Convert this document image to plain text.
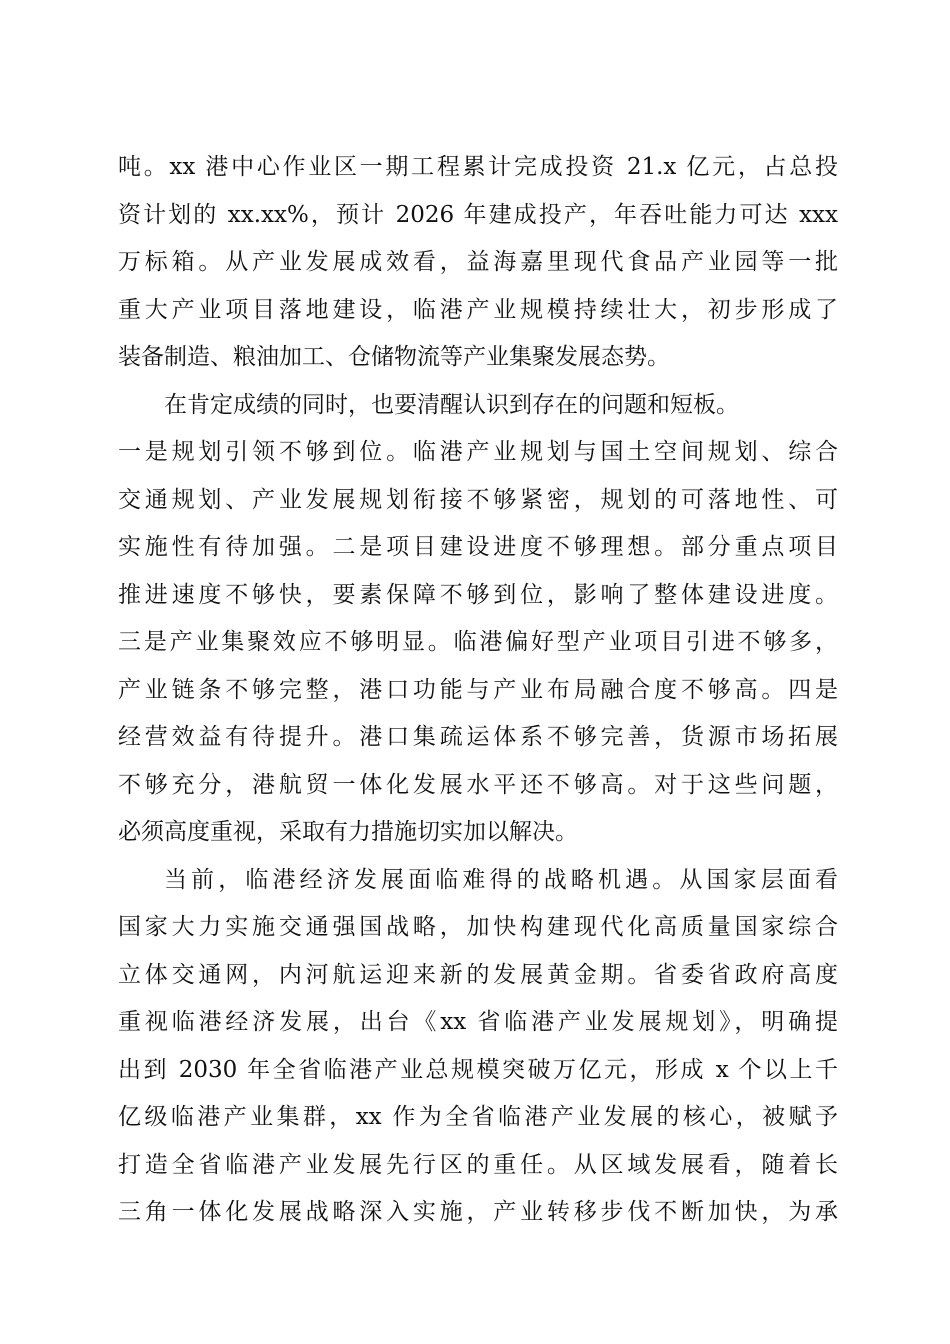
吨。xx 港中心作业区一期工程累计完成投资 21.x 亿元，占总投
资计划的 xx.xx%，预计 2026 年建成投产，年吞吐能力可达 xxx
万标箱。从产业发展成效看，益海嘉里现代食品产业园等一批
重大产业项目落地建设，临港产业规模持续壮大，初步形成了
装备制造、粮油加工、仓储物流等产业集聚发展态势。
在肯定成绩的同时，也要清醒认识到存在的问题和短板。
一是规划引领不够到位。临港产业规划与国土空间规划、综合
交通规划、产业发展规划衔接不够紧密，规划的可落地性、可
实施性有待加强。二是项目建设进度不够理想。部分重点项目
推进速度不够快，要素保障不够到位，影响了整体建设进度。
三是产业集聚效应不够明显。临港偏好型产业项目引进不够多，
产业链条不够完整，港口功能与产业布局融合度不够高。四是
经营效益有待提升。港口集疏运体系不够完善，货源市场拓展
不够充分，港航贸一体化发展水平还不够高。对于这些问题，
必须高度重视，采取有力措施切实加以解决。
当前，临港经济发展面临难得的战略机遇。从国家层面看
国家大力实施交通强国战略，加快构建现代化高质量国家综合
立体交通网，内河航运迎来新的发展黄金期。省委省政府高度
重视临港经济发展，出台《xx 省临港产业发展规划》，明确提
出到 2030 年全省临港产业总规模突破万亿元，形成 x 个以上千
亿级临港产业集群，xx 作为全省临港产业发展的核心，被赋予
打造全省临港产业发展先行区的重任。从区域发展看，随着长
三角一体化发展战略深入实施，产业转移步伐不断加快，为承
